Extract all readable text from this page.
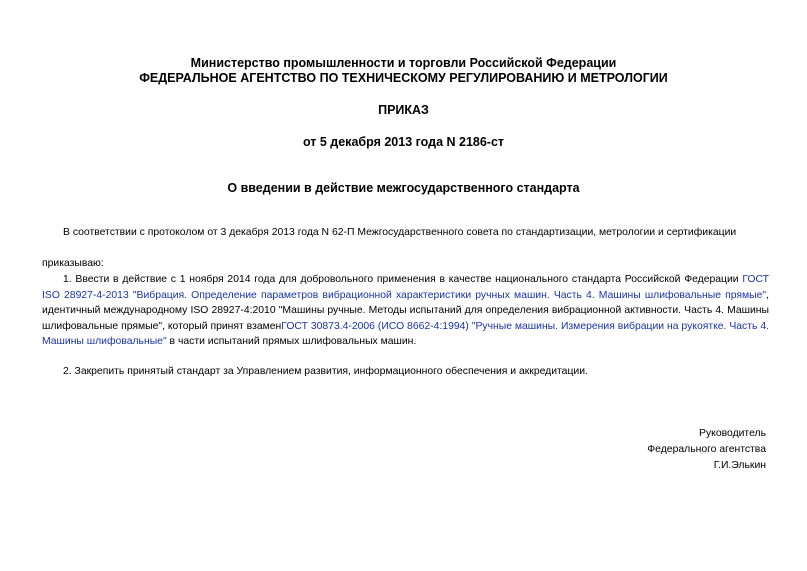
Министерство промышленности и торговли Российской Федерации
ФЕДЕРАЛЬНОЕ АГЕНТСТВО ПО ТЕХНИЧЕСКОМУ РЕГУЛИРОВАНИЮ И МЕТРОЛОГИИ
ПРИКАЗ
от 5 декабря 2013 года N 2186-ст
О введении в действие межгосударственного стандарта
В соответствии с протоколом от 3 декабря 2013 года N 62-П Межгосударственного совета по стандартизации, метрологии и сертификации
приказываю:
1. Ввести в действие с 1 ноября 2014 года для добровольного применения в качестве национального стандарта Российской Федерации ГОСТ ISO 28927-4-2013 "Вибрация. Определение параметров вибрационной характеристики ручных машин. Часть 4. Машины шлифовальные прямые", идентичный международному ISO 28927-4:2010 "Машины ручные. Методы испытаний для определения вибрационной активности. Часть 4. Машины шлифовальные прямые", который принят взаменГОСТ 30873.4-2006 (ИСО 8662-4:1994) "Ручные машины. Измерения вибрации на рукоятке. Часть 4. Машины шлифовальные" в части испытаний прямых шлифовальных машин.
2. Закрепить принятый стандарт за Управлением развития, информационного обеспечения и аккредитации.
Руководитель
Федерального агентства
Г.И.Элькин
